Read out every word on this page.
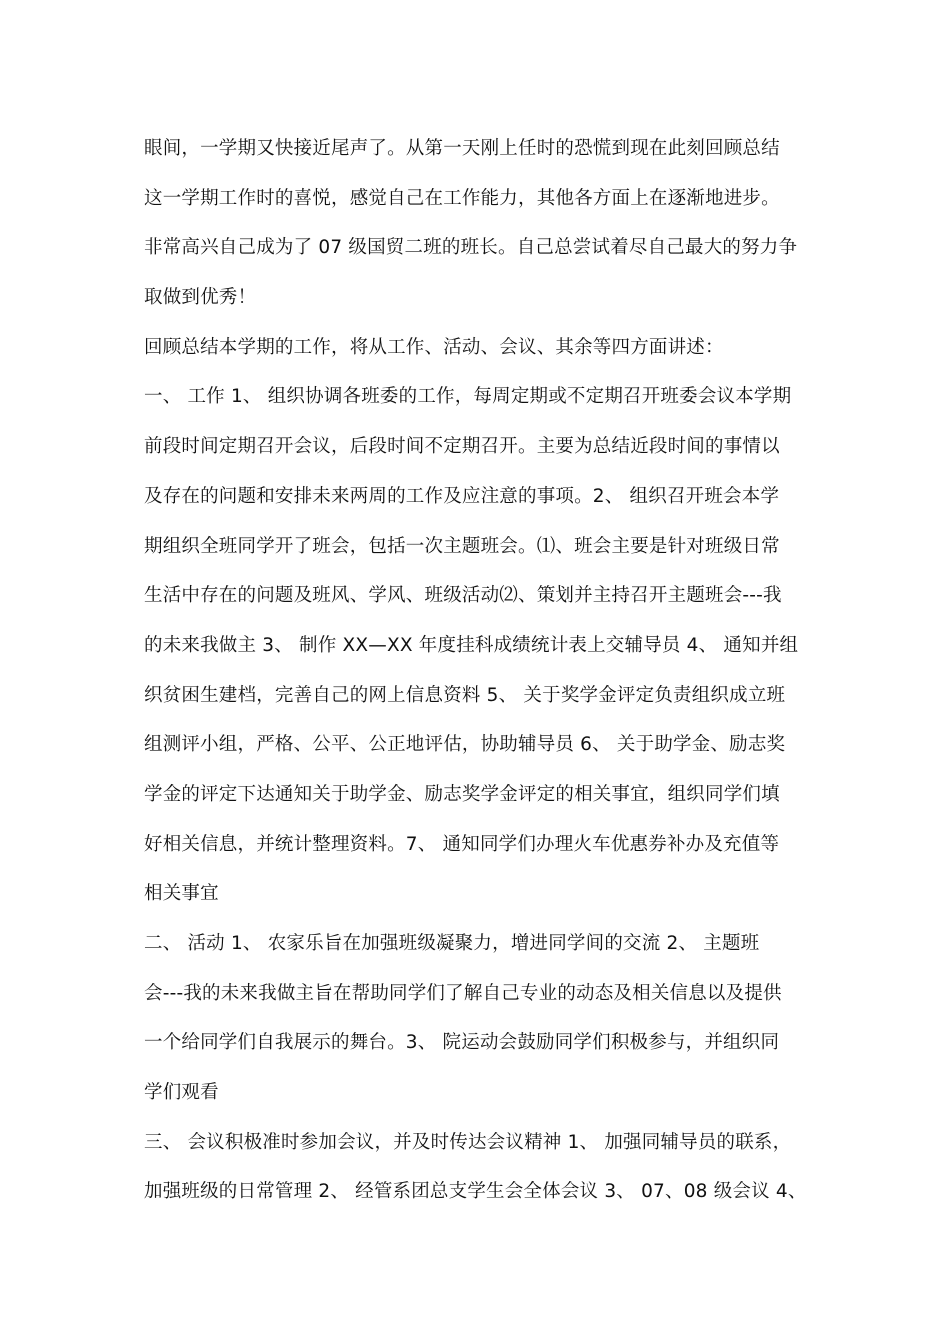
眼间，一学期又快接近尾声了。从第一天刚上任时的恐慌到现在此刻回顾总结
这一学期工作时的喜悦，感觉自己在工作能力，其他各方面上在逐渐地进步。
非常高兴自己成为了 07 级国贸二班的班长。自己总尝试着尽自己最大的努力争
取做到优秀！
回顾总结本学期的工作，将从工作、活动、会议、其余等四方面讲述：
一、 工作 1、 组织协调各班委的工作，每周定期或不定期召开班委会议本学期
前段时间定期召开会议，后段时间不定期召开。主要为总结近段时间的事情以
及存在的问题和安排未来两周的工作及应注意的事项。2、 组织召开班会本学
期组织全班同学开了班会，包括一次主题班会。⑴、班会主要是针对班级日常
生活中存在的问题及班风、学风、班级活动⑵、策划并主持召开主题班会---我
的未来我做主 3、 制作 XX—XX 年度挂科成绩统计表上交辅导员 4、 通知并组
织贫困生建档，完善自己的网上信息资料 5、 关于奖学金评定负责组织成立班
组测评小组，严格、公平、公正地评估，协助辅导员 6、 关于助学金、励志奖
学金的评定下达通知关于助学金、励志奖学金评定的相关事宜，组织同学们填
好相关信息，并统计整理资料。7、 通知同学们办理火车优惠券补办及充值等
相关事宜
二、 活动 1、 农家乐旨在加强班级凝聚力，增进同学间的交流 2、 主题班
会---我的未来我做主旨在帮助同学们了解自己专业的动态及相关信息以及提供
一个给同学们自我展示的舞台。3、 院运动会鼓励同学们积极参与，并组织同
学们观看
三、 会议积极准时参加会议，并及时传达会议精神 1、 加强同辅导员的联系，
加强班级的日常管理 2、 经管系团总支学生会全体会议 3、 07、08 级会议 4、
